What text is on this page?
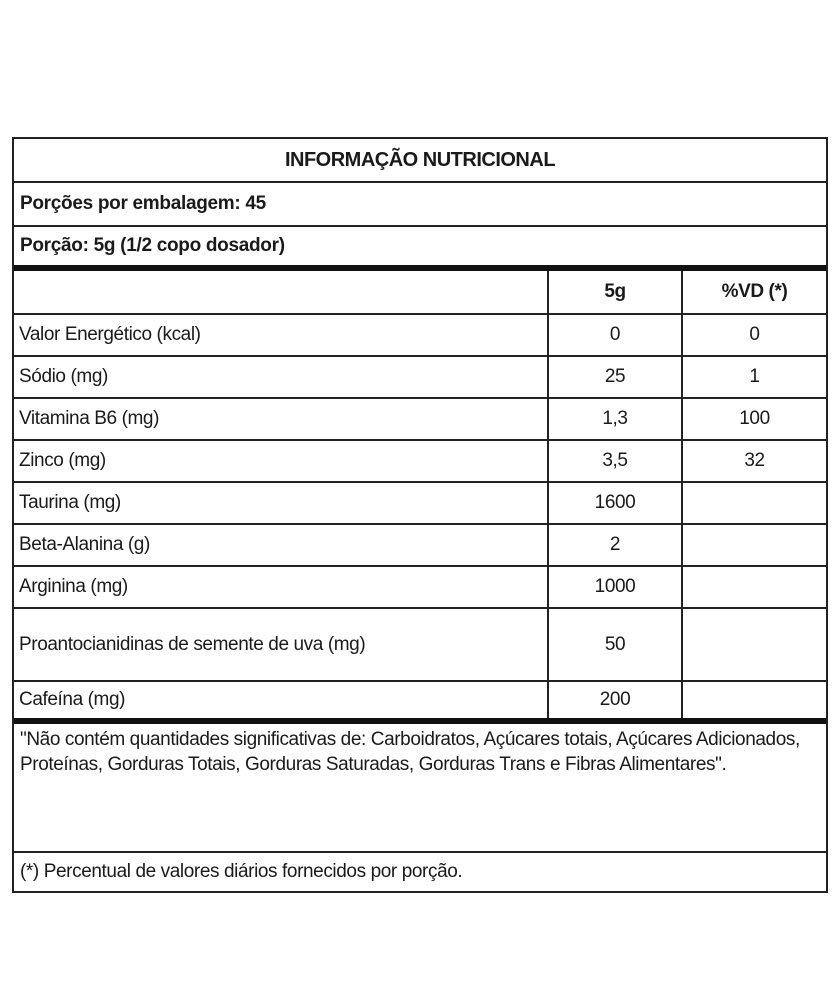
INFORMAÇÃO NUTRICIONAL
Porções por embalagem: 45
Porção: 5g (1/2 copo dosador)
	5g	%VD (*)
Valor Energético (kcal)	0	0
Sódio (mg)	25	1
Vitamina B6 (mg)	1,3	100
Zinco (mg)	3,5	32
Taurina (mg)	1600	
Beta-Alanina (g)	2	
Arginina (mg)	1000	
Proantocianidinas de semente de uva (mg)	50	
Cafeína (mg)	200	
"Não contém quantidades significativas de: Carboidratos, Açúcares totais, Açúcares Adicionados, Proteínas, Gorduras Totais, Gorduras Saturadas, Gorduras Trans e Fibras Alimentares".
(*) Percentual de valores diários fornecidos por porção.
